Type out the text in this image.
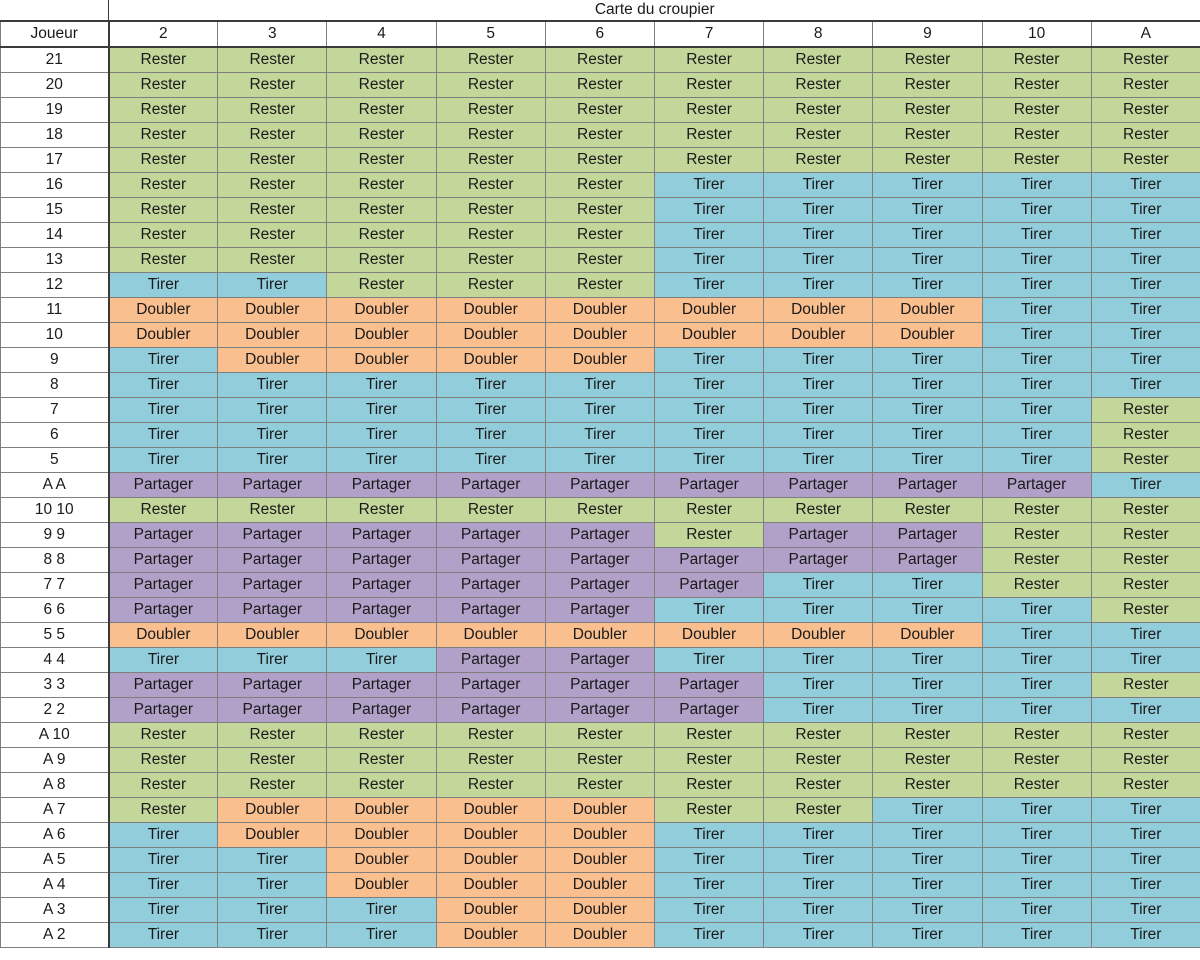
	Carte du croupier									
Joueur	2	3	4	5	6	7	8	9	10	A
21	Rester	Rester	Rester	Rester	Rester	Rester	Rester	Rester	Rester	Rester
20	Rester	Rester	Rester	Rester	Rester	Rester	Rester	Rester	Rester	Rester
19	Rester	Rester	Rester	Rester	Rester	Rester	Rester	Rester	Rester	Rester
18	Rester	Rester	Rester	Rester	Rester	Rester	Rester	Rester	Rester	Rester
17	Rester	Rester	Rester	Rester	Rester	Rester	Rester	Rester	Rester	Rester
16	Rester	Rester	Rester	Rester	Rester	Tirer	Tirer	Tirer	Tirer	Tirer
15	Rester	Rester	Rester	Rester	Rester	Tirer	Tirer	Tirer	Tirer	Tirer
14	Rester	Rester	Rester	Rester	Rester	Tirer	Tirer	Tirer	Tirer	Tirer
13	Rester	Rester	Rester	Rester	Rester	Tirer	Tirer	Tirer	Tirer	Tirer
12	Tirer	Tirer	Rester	Rester	Rester	Tirer	Tirer	Tirer	Tirer	Tirer
11	Doubler	Doubler	Doubler	Doubler	Doubler	Doubler	Doubler	Doubler	Tirer	Tirer
10	Doubler	Doubler	Doubler	Doubler	Doubler	Doubler	Doubler	Doubler	Tirer	Tirer
9	Tirer	Doubler	Doubler	Doubler	Doubler	Tirer	Tirer	Tirer	Tirer	Tirer
8	Tirer	Tirer	Tirer	Tirer	Tirer	Tirer	Tirer	Tirer	Tirer	Tirer
7	Tirer	Tirer	Tirer	Tirer	Tirer	Tirer	Tirer	Tirer	Tirer	Rester
6	Tirer	Tirer	Tirer	Tirer	Tirer	Tirer	Tirer	Tirer	Tirer	Rester
5	Tirer	Tirer	Tirer	Tirer	Tirer	Tirer	Tirer	Tirer	Tirer	Rester
A A	Partager	Partager	Partager	Partager	Partager	Partager	Partager	Partager	Partager	Tirer
10 10	Rester	Rester	Rester	Rester	Rester	Rester	Rester	Rester	Rester	Rester
9 9	Partager	Partager	Partager	Partager	Partager	Rester	Partager	Partager	Rester	Rester
8 8	Partager	Partager	Partager	Partager	Partager	Partager	Partager	Partager	Rester	Rester
7 7	Partager	Partager	Partager	Partager	Partager	Partager	Tirer	Tirer	Rester	Rester
6 6	Partager	Partager	Partager	Partager	Partager	Tirer	Tirer	Tirer	Tirer	Rester
5 5	Doubler	Doubler	Doubler	Doubler	Doubler	Doubler	Doubler	Doubler	Tirer	Tirer
4 4	Tirer	Tirer	Tirer	Partager	Partager	Tirer	Tirer	Tirer	Tirer	Tirer
3 3	Partager	Partager	Partager	Partager	Partager	Partager	Tirer	Tirer	Tirer	Rester
2 2	Partager	Partager	Partager	Partager	Partager	Partager	Tirer	Tirer	Tirer	Tirer
A 10	Rester	Rester	Rester	Rester	Rester	Rester	Rester	Rester	Rester	Rester
A 9	Rester	Rester	Rester	Rester	Rester	Rester	Rester	Rester	Rester	Rester
A 8	Rester	Rester	Rester	Rester	Rester	Rester	Rester	Rester	Rester	Rester
A 7	Rester	Doubler	Doubler	Doubler	Doubler	Rester	Rester	Tirer	Tirer	Tirer
A 6	Tirer	Doubler	Doubler	Doubler	Doubler	Tirer	Tirer	Tirer	Tirer	Tirer
A 5	Tirer	Tirer	Doubler	Doubler	Doubler	Tirer	Tirer	Tirer	Tirer	Tirer
A 4	Tirer	Tirer	Doubler	Doubler	Doubler	Tirer	Tirer	Tirer	Tirer	Tirer
A 3	Tirer	Tirer	Tirer	Doubler	Doubler	Tirer	Tirer	Tirer	Tirer	Tirer
A 2	Tirer	Tirer	Tirer	Doubler	Doubler	Tirer	Tirer	Tirer	Tirer	Tirer
